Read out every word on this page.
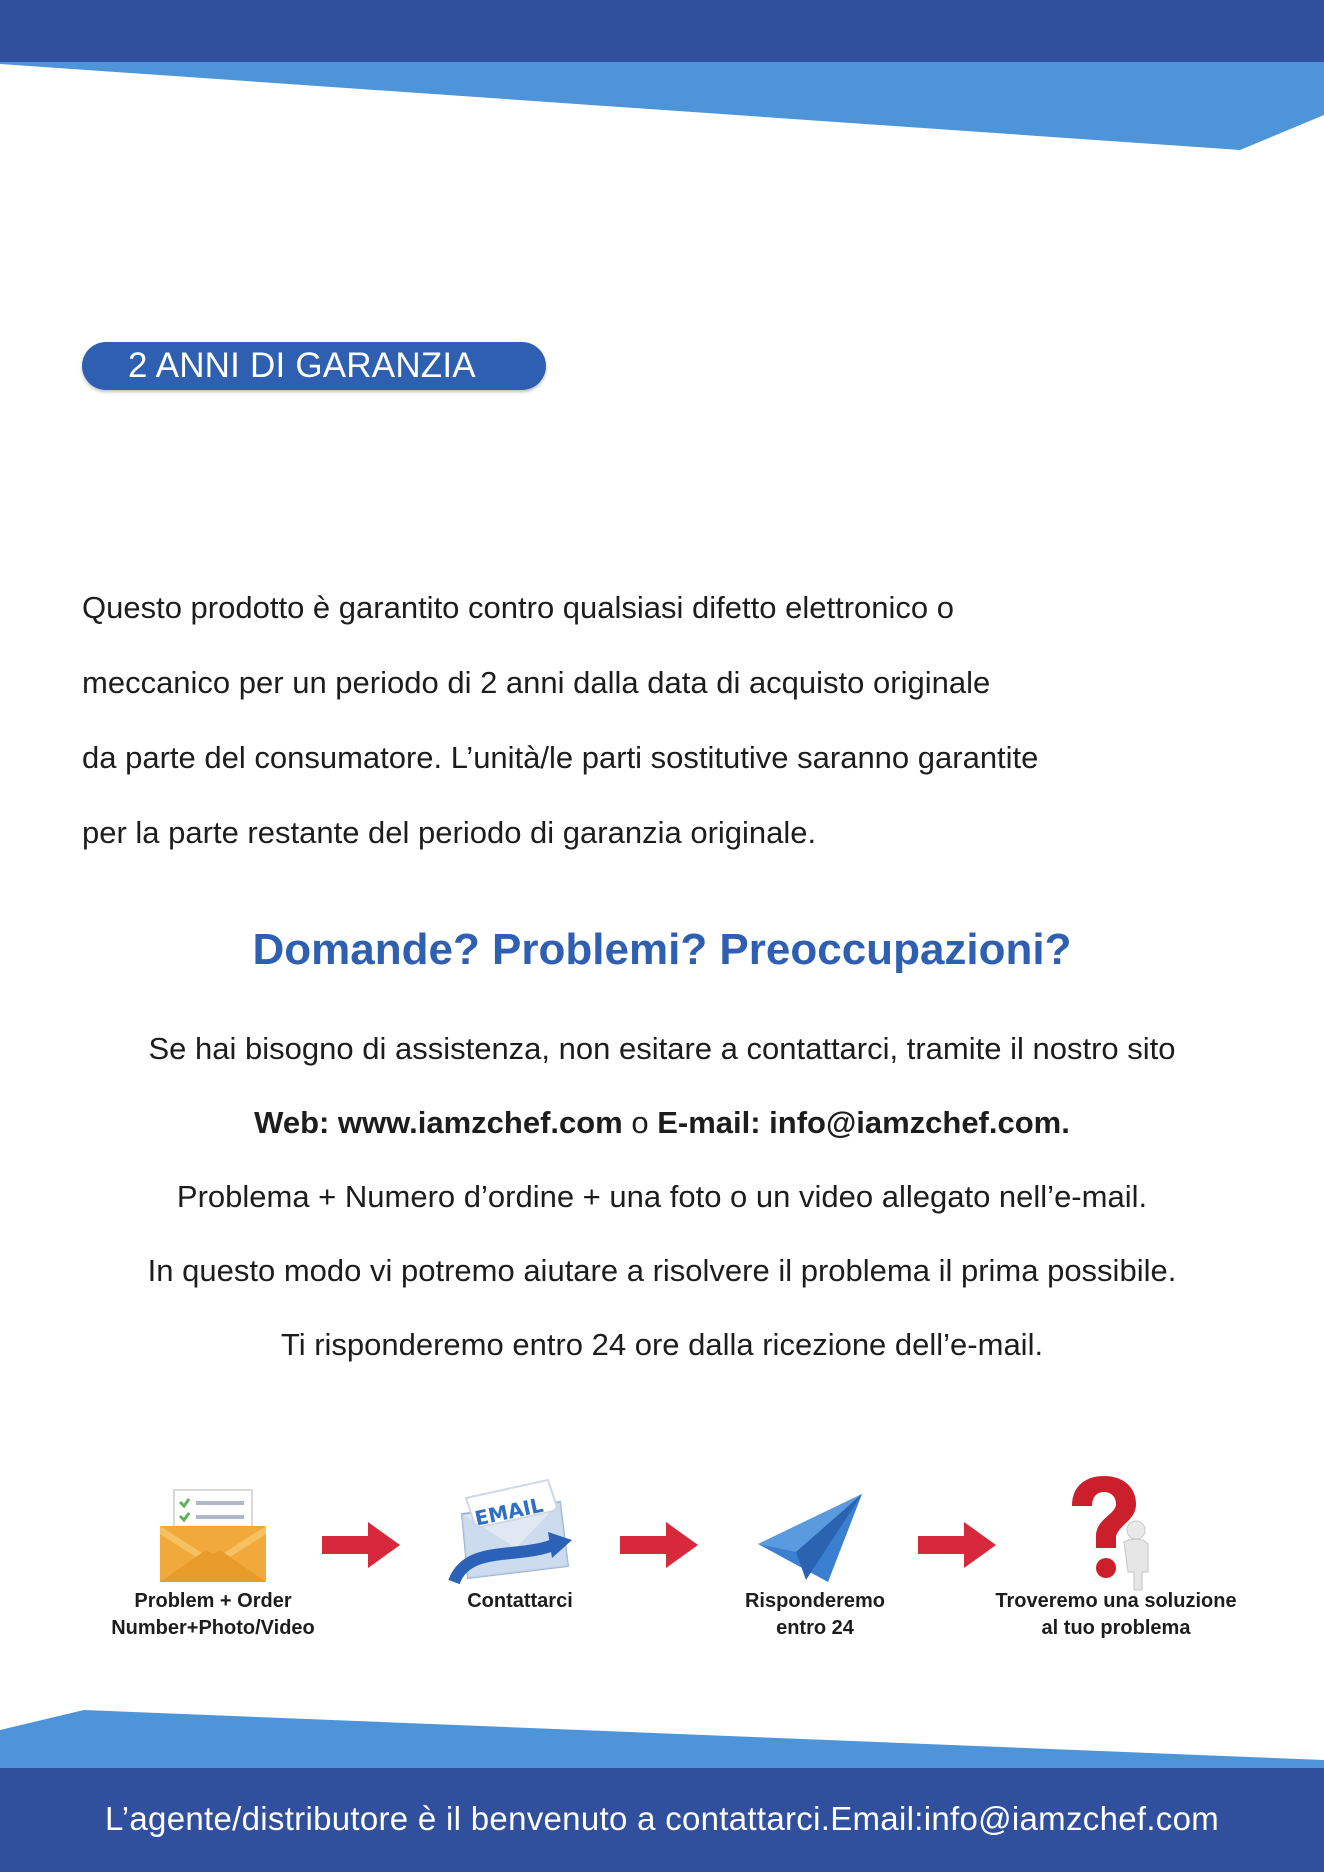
2 ANNI DI GARANZIA

Questo prodotto è garantito contro qualsiasi difetto elettronico o

meccanico per un periodo di 2 anni dalla data di acquisto originale

da parte del consumatore. L’unità/le parti sostitutive saranno garantite

per la parte restante del periodo di garanzia originale.

Domande? Problemi? Preoccupazioni?

Se hai bisogno di assistenza, non esitare a contattarci, tramite il nostro sito

Web: www.iamzchef.com o E-mail: info@iamzchef.com.

Problema + Numero d’ordine + una foto o un video allegato nell’e-mail.

In questo modo vi potremo aiutare a risolvere il problema il prima possibile.

Ti risponderemo entro 24 ore dalla ricezione dell’e-mail.

EMAIL
Problem + Order
Number+Photo/Video
Contattarci	Risponderemo
entro 24
Troveremo una soluzione
al tuo problema
L’agente/distributore è il benvenuto a contattarci.Email:info@iamzchef.com
